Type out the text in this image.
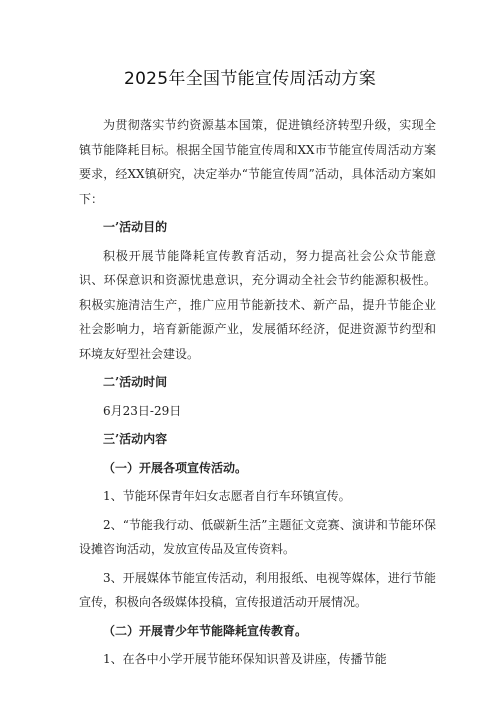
2025年全国节能宣传周活动方案

为贯彻落实节约资源基本国策，促进镇经济转型升级，实现全镇节能降耗目标。根据全国节能宣传周和XX市节能宣传周活动方案要求，经XX镇研究，决定举办“节能宣传周”活动，具体活动方案如下：

一’活动目的

积极开展节能降耗宣传教育活动，努力提高社会公众节能意识、环保意识和资源忧患意识，充分调动全社会节约能源积极性。积极实施清洁生产，推广应用节能新技术、新产品，提升节能企业社会影响力，培育新能源产业，发展循环经济，促进资源节约型和环境友好型社会建设。

二’活动时间

6月23日-29日

三’活动内容

（一）开展各项宣传活动。

1、节能环保青年妇女志愿者自行车环镇宣传。

2、“节能我行动、低碳新生活”主题征文竞赛、演讲和节能环保设摊咨询活动，发放宣传品及宣传资料。

3、开展媒体节能宣传活动，利用报纸、电视等媒体，进行节能宣传，积极向各级媒体投稿，宣传报道活动开展情况。

（二）开展青少年节能降耗宣传教育。

1、在各中小学开展节能环保知识普及讲座，传播节能
